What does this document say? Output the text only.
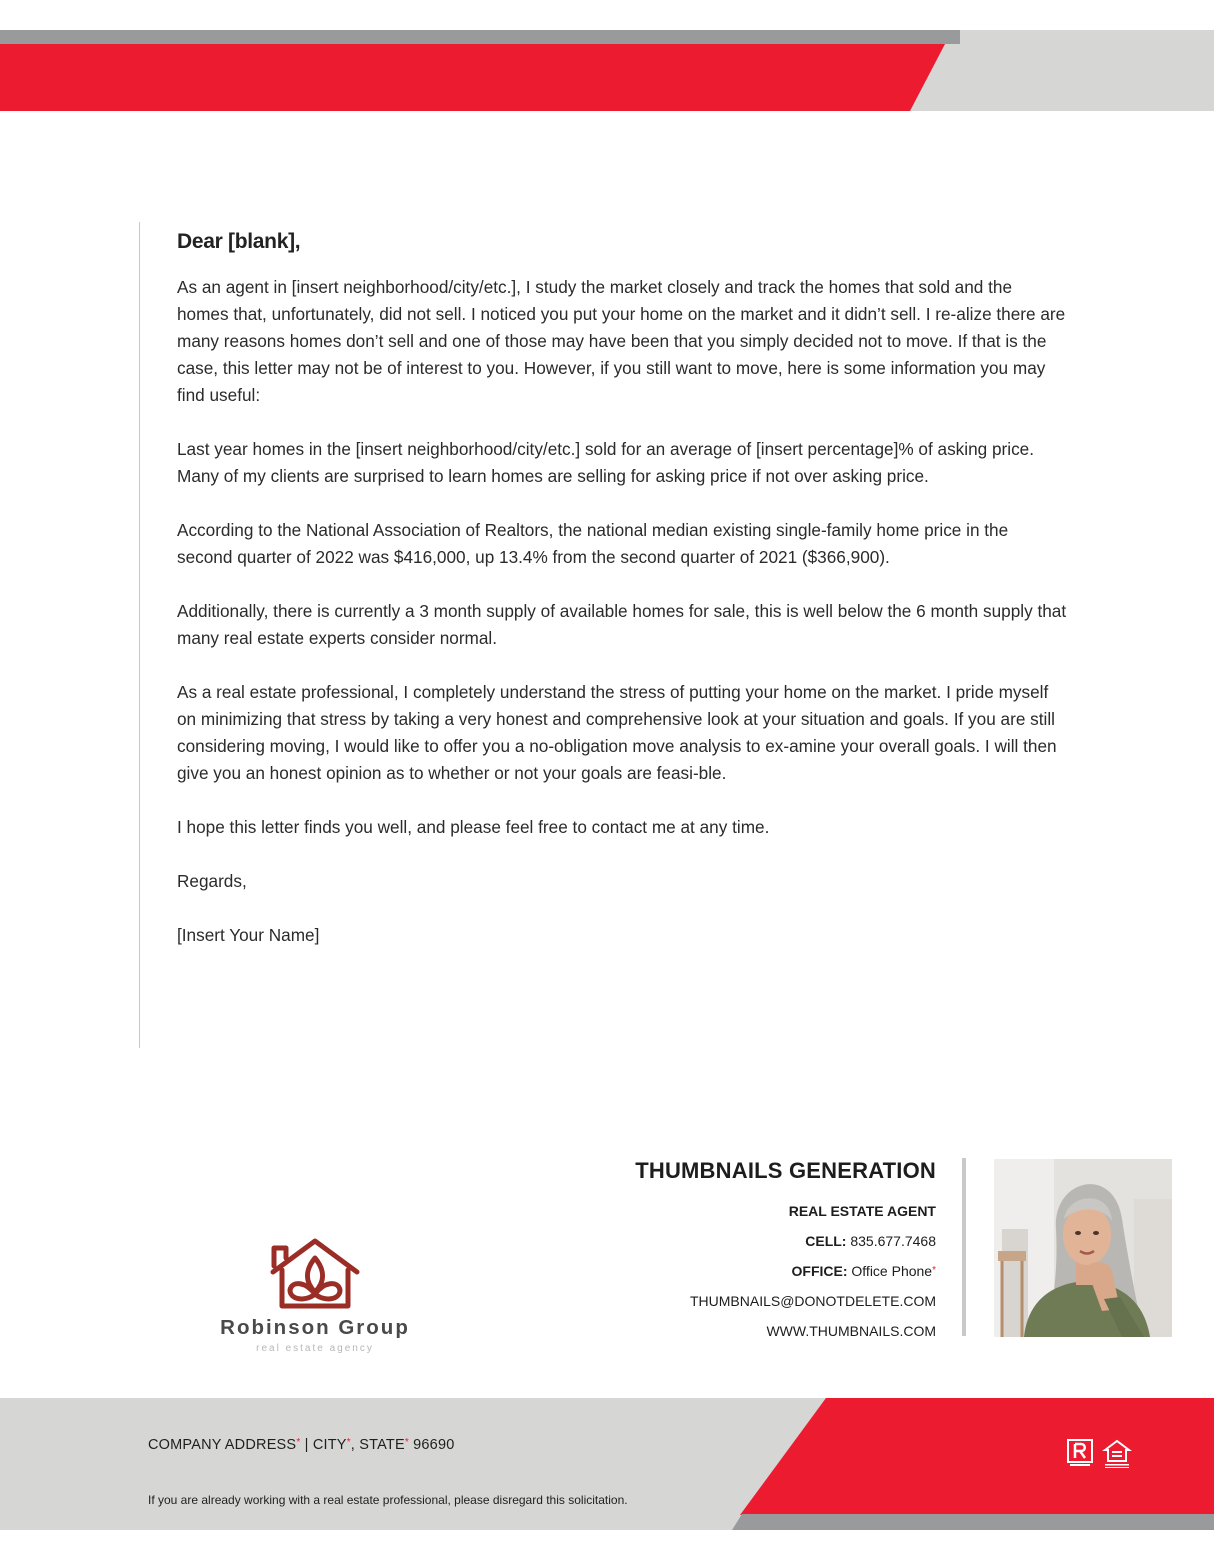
Dear [blank],

As an agent in [insert neighborhood/city/etc.], I study the market closely and track the homes that sold and the homes that, unfortunately, did not sell. I noticed you put your home on the market and it didn’t sell. I re-alize there are many reasons homes don’t sell and one of those may have been that you simply decided not to move. If that is the case, this letter may not be of interest to you. However, if you still want to move, here is some information you may find useful:

Last year homes in the [insert neighborhood/city/etc.] sold for an average of [insert percentage]% of asking price. Many of my clients are surprised to learn homes are selling for asking price if not over asking price.

According to the National Association of Realtors, the national median existing single-family home price in the second quarter of 2022 was $416,000, up 13.4% from the second quarter of 2021 ($366,900).

Additionally, there is currently a 3 month supply of available homes for sale, this is well below the 6 month supply that many real estate experts consider normal.

As a real estate professional, I completely understand the stress of putting your home on the market. I pride myself on minimizing that stress by taking a very honest and comprehensive look at your situation and goals. If you are still considering moving, I would like to offer you a no-obligation move analysis to ex-amine your overall goals. I will then give you an honest opinion as to whether or not your goals are feasi-ble.

I hope this letter finds you well, and please feel free to contact me at any time.

Regards,

[Insert Your Name]

Robinson Group
real estate agency
THUMBNAILS GENERATION
REAL ESTATE AGENT
CELL: 835.677.7468
OFFICE: Office Phone*
THUMBNAILS@DONOTDELETE.COM
WWW.THUMBNAILS.COM
COMPANY ADDRESS* | CITY*, STATE* 96690
If you are already working with a real estate professional, please disregard this solicitation.
